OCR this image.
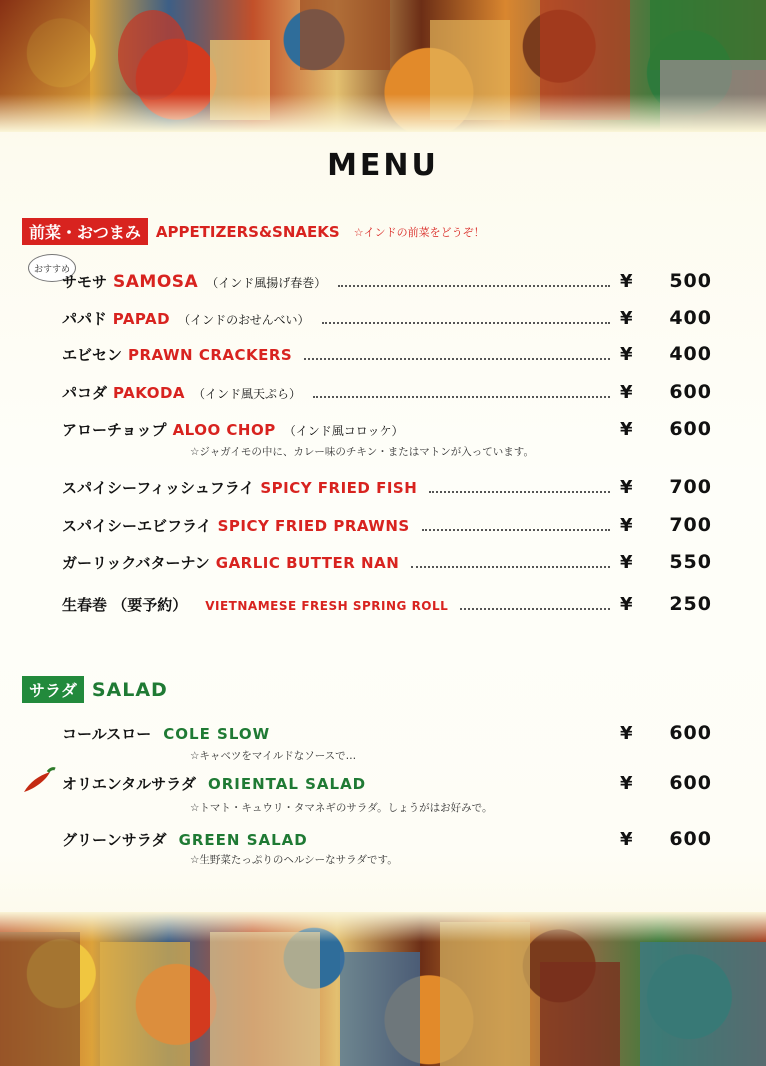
MENU
前菜・おつまみ	APPETIZERS&SNAEKS ☆インドの前菜をどうぞ！
おすすめ
サモサ SAMOSA （インド風揚げ春巻）	¥	500
パパド PAPAD （インドのおせんべい）	¥	400
エビセン PRAWN CRACKERS	¥	400
パコダ PAKODA （インド風天ぷら）	¥	600
アローチョップ ALOO CHOP （インド風コロッケ）	¥	600
☆ジャガイモの中に、カレー味のチキン・またはマトンが入っています。
スパイシーフィッシュフライ SPICY FRIED FISH	¥	700
スパイシーエビフライ SPICY FRIED PRAWNS	¥	700
ガーリックバターナン GARLIC BUTTER NAN	¥	550
生春巻 （要予約） VIETNAMESE FRESH SPRING ROLL	¥	250
サラダ SALAD
コールスロー COLE SLOW	¥	600
☆キャベツをマイルドなソースで…
オリエンタルサラダ ORIENTAL SALAD	¥	600
☆トマト・キュウリ・タマネギのサラダ。しょうがはお好みで。
グリーンサラダ GREEN SALAD	¥	600
☆生野菜たっぷりのヘルシーなサラダです。
